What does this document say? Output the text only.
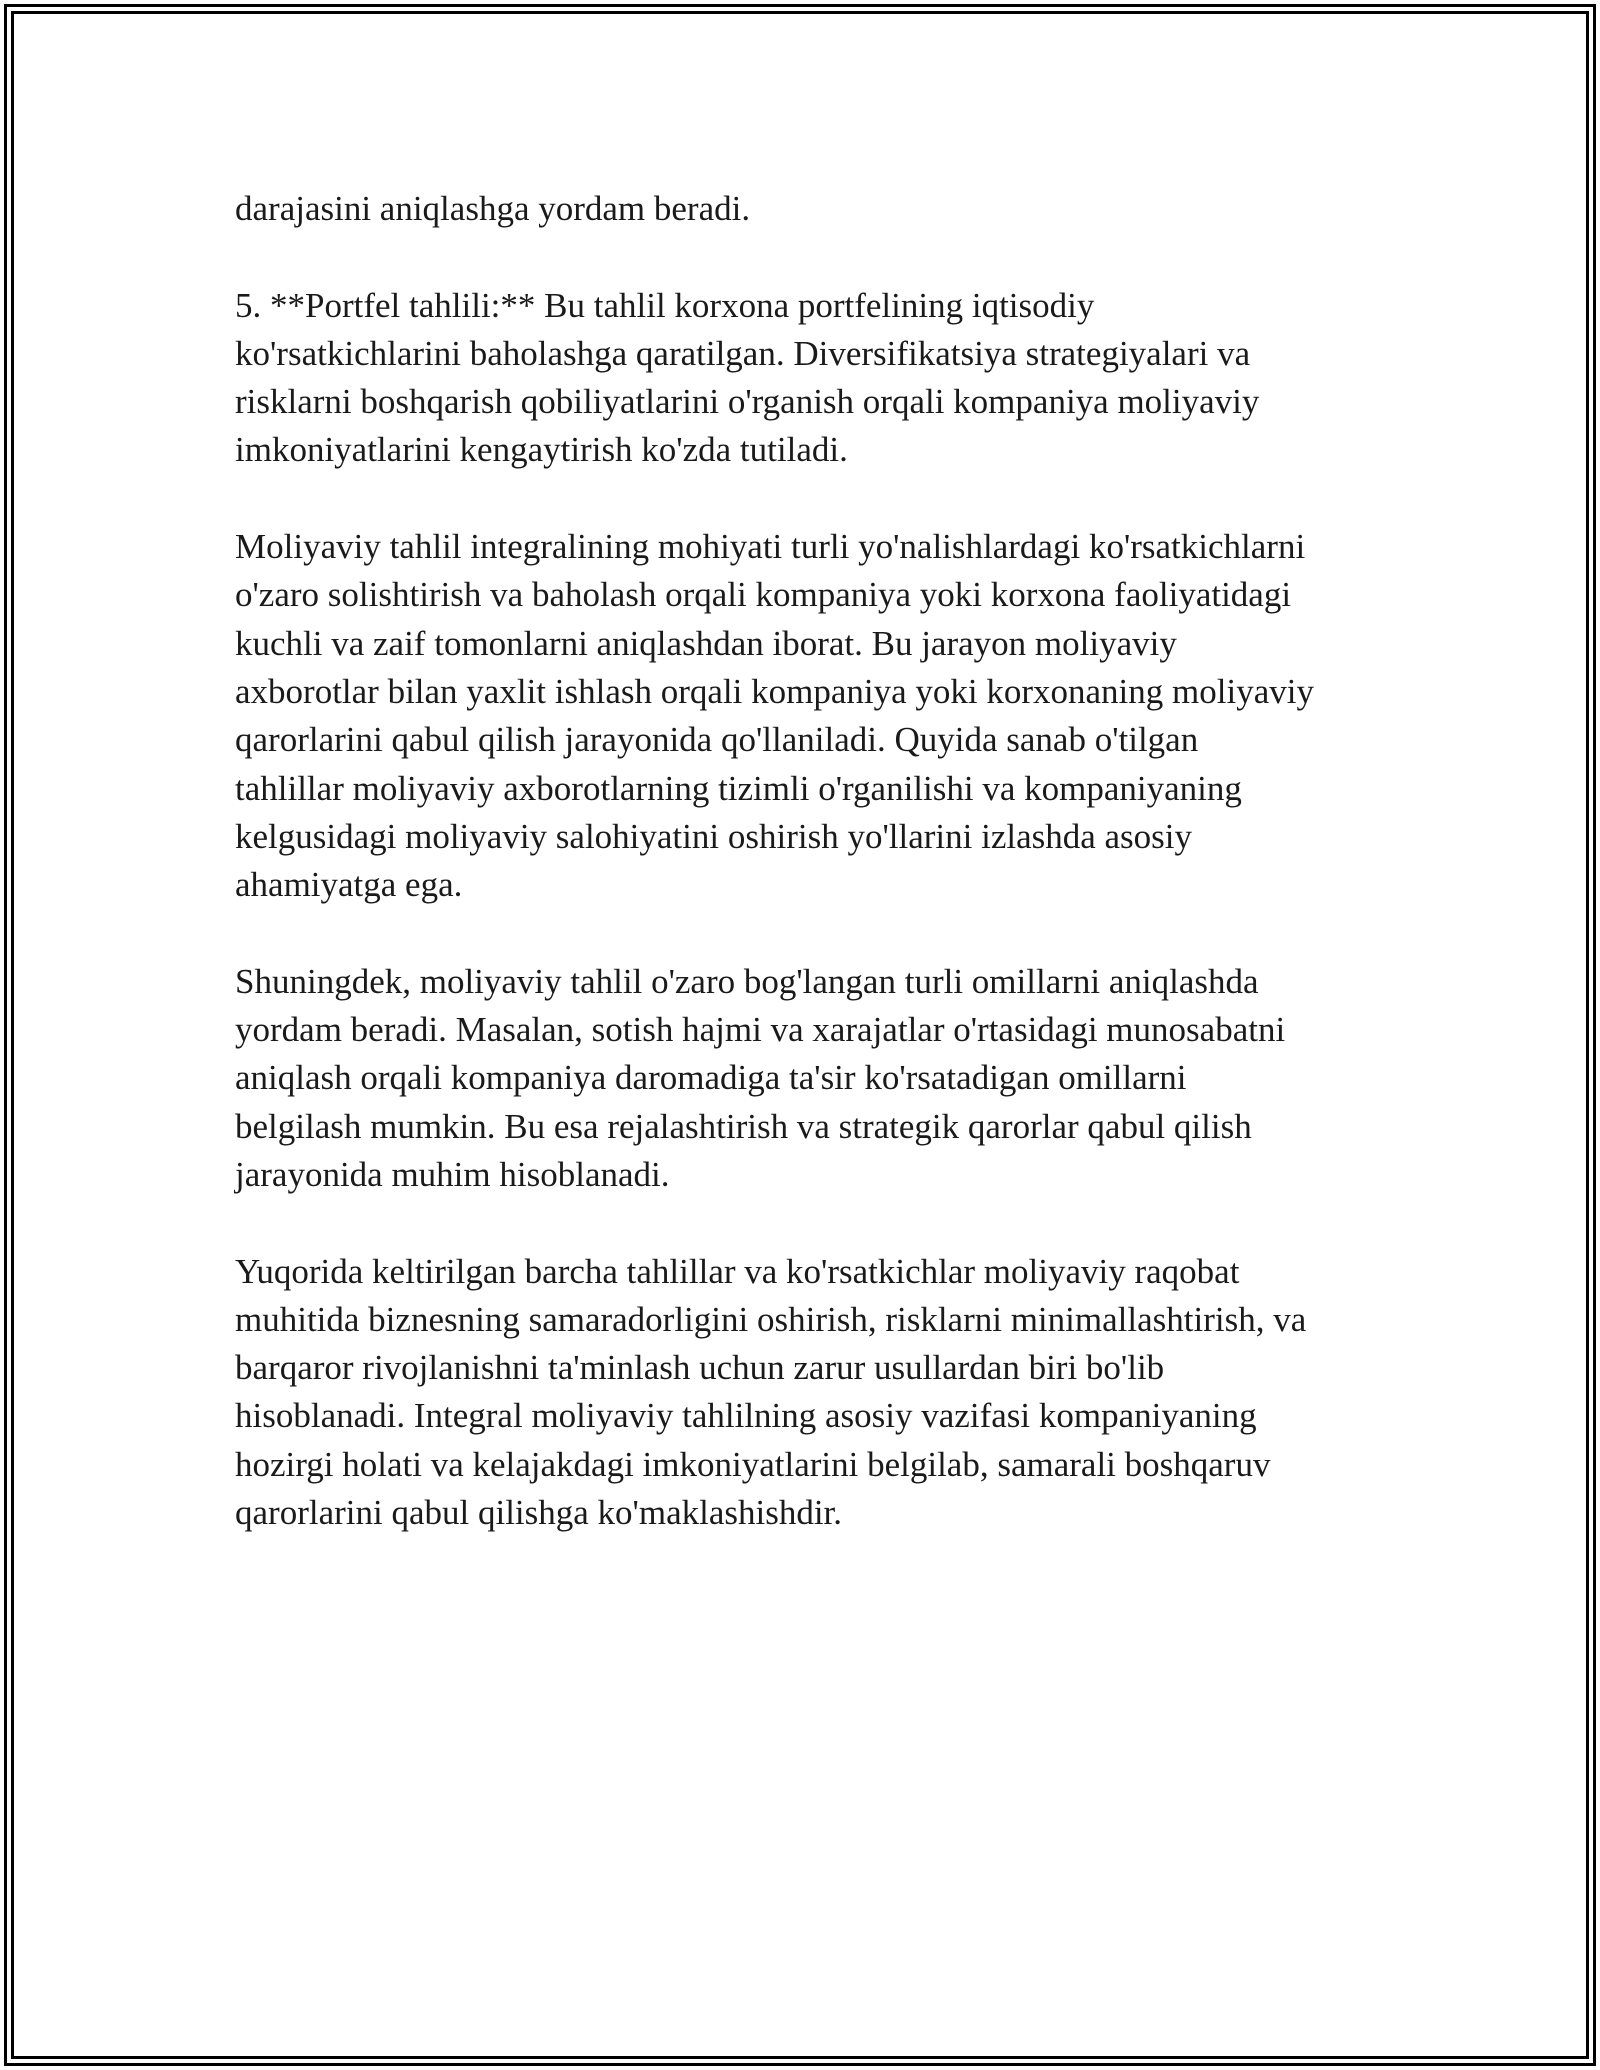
darajasini aniqlashga yordam beradi.

5. **Portfel tahlili:** Bu tahlil korxona portfelining iqtisodiy
ko'rsatkichlarini baholashga qaratilgan. Diversifikatsiya strategiyalari va
risklarni boshqarish qobiliyatlarini o'rganish orqali kompaniya moliyaviy
imkoniyatlarini kengaytirish ko'zda tutiladi.

Moliyaviy tahlil integralining mohiyati turli yo'nalishlardagi ko'rsatkichlarni
o'zaro solishtirish va baholash orqali kompaniya yoki korxona faoliyatidagi
kuchli va zaif tomonlarni aniqlashdan iborat. Bu jarayon moliyaviy
axborotlar bilan yaxlit ishlash orqali kompaniya yoki korxonaning moliyaviy
qarorlarini qabul qilish jarayonida qo'llaniladi. Quyida sanab o'tilgan
tahlillar moliyaviy axborotlarning tizimli o'rganilishi va kompaniyaning
kelgusidagi moliyaviy salohiyatini oshirish yo'llarini izlashda asosiy
ahamiyatga ega.

Shuningdek, moliyaviy tahlil o'zaro bog'langan turli omillarni aniqlashda
yordam beradi. Masalan, sotish hajmi va xarajatlar o'rtasidagi munosabatni
aniqlash orqali kompaniya daromadiga ta'sir ko'rsatadigan omillarni
belgilash mumkin. Bu esa rejalashtirish va strategik qarorlar qabul qilish
jarayonida muhim hisoblanadi.

Yuqorida keltirilgan barcha tahlillar va ko'rsatkichlar moliyaviy raqobat
muhitida biznesning samaradorligini oshirish, risklarni minimallashtirish, va
barqaror rivojlanishni ta'minlash uchun zarur usullardan biri bo'lib
hisoblanadi. Integral moliyaviy tahlilning asosiy vazifasi kompaniyaning
hozirgi holati va kelajakdagi imkoniyatlarini belgilab, samarali boshqaruv
qarorlarini qabul qilishga ko'maklashishdir.
